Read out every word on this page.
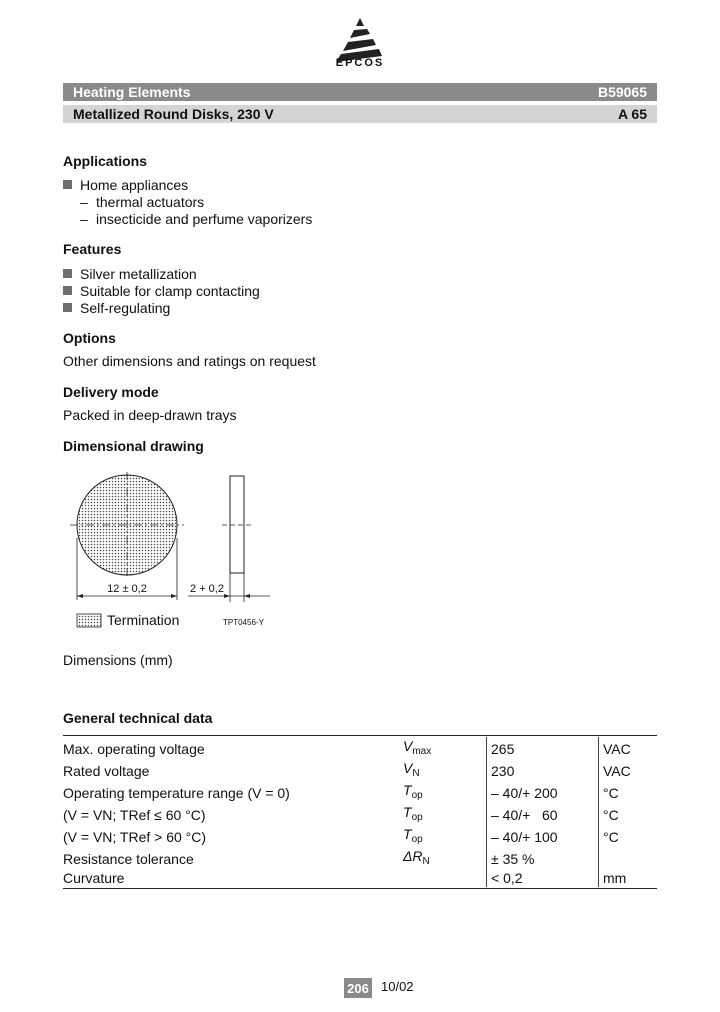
EPCOS
Heating Elements	B59065
Metallized Round Disks, 230 V	A 65
Applications
Home appliances
– thermal actuators
– insecticide and perfume vaporizers
Features
Silver metallization
Suitable for clamp contacting
Self-regulating
Options
Other dimensions and ratings on request
Delivery mode
Packed in deep-drawn trays
Dimensional drawing
12 ± 0,2	2 + 0,2
Termination	TPT0456-Y
Dimensions (mm)
General technical data
Max. operating voltage	$V_{max}$	265	VAC
Rated voltage	$V_N$	230	VAC
Operating temperature range (V = 0)	$T_{op}$	– 40/+ 200	°C
(V = VN; TRef ≤ 60 °C)	$T_{op}$	– 40/+   60	°C
(V = VN; TRef > 60 °C)	$T_{op}$	– 40/+ 100	°C
Resistance tolerance	$\Delta R_N$	± 35 %	
Curvature		< 0,2	mm
206 10/02
